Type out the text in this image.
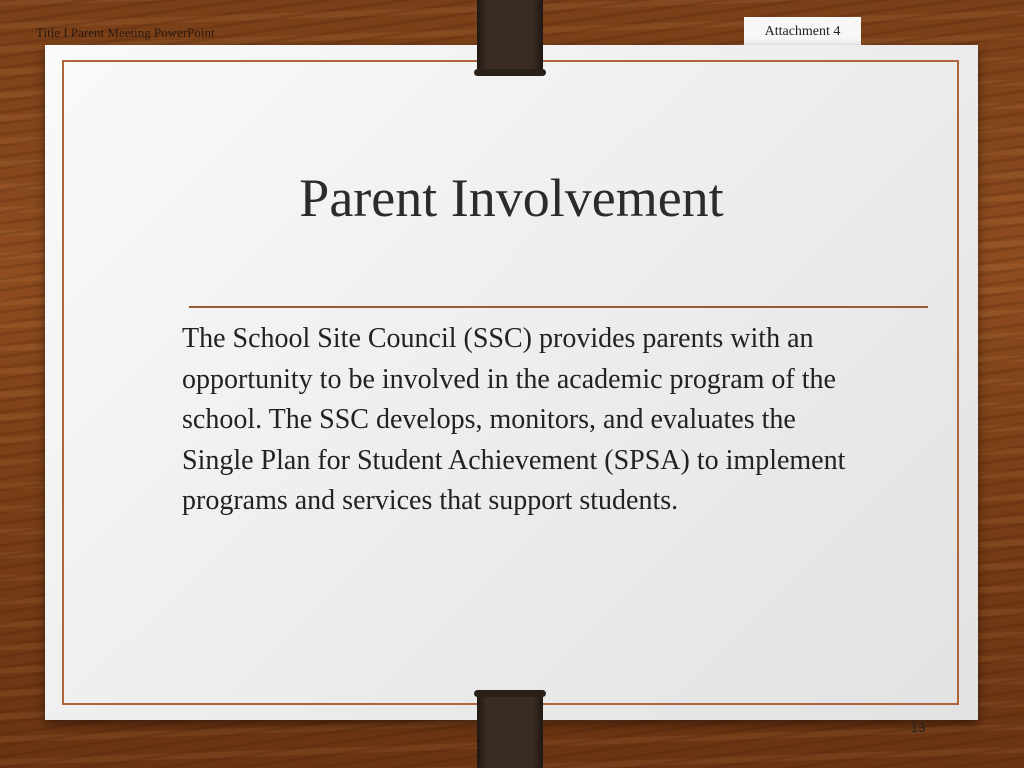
Title I Parent Meeting PowerPoint	Attachment 4
Parent Involvement

The School Site Council (SSC) provides parents with an
opportunity to be involved in the academic program of the
school. The SSC develops, monitors, and evaluates the
Single Plan for Student Achievement (SPSA) to implement
programs and services that support students.

13
